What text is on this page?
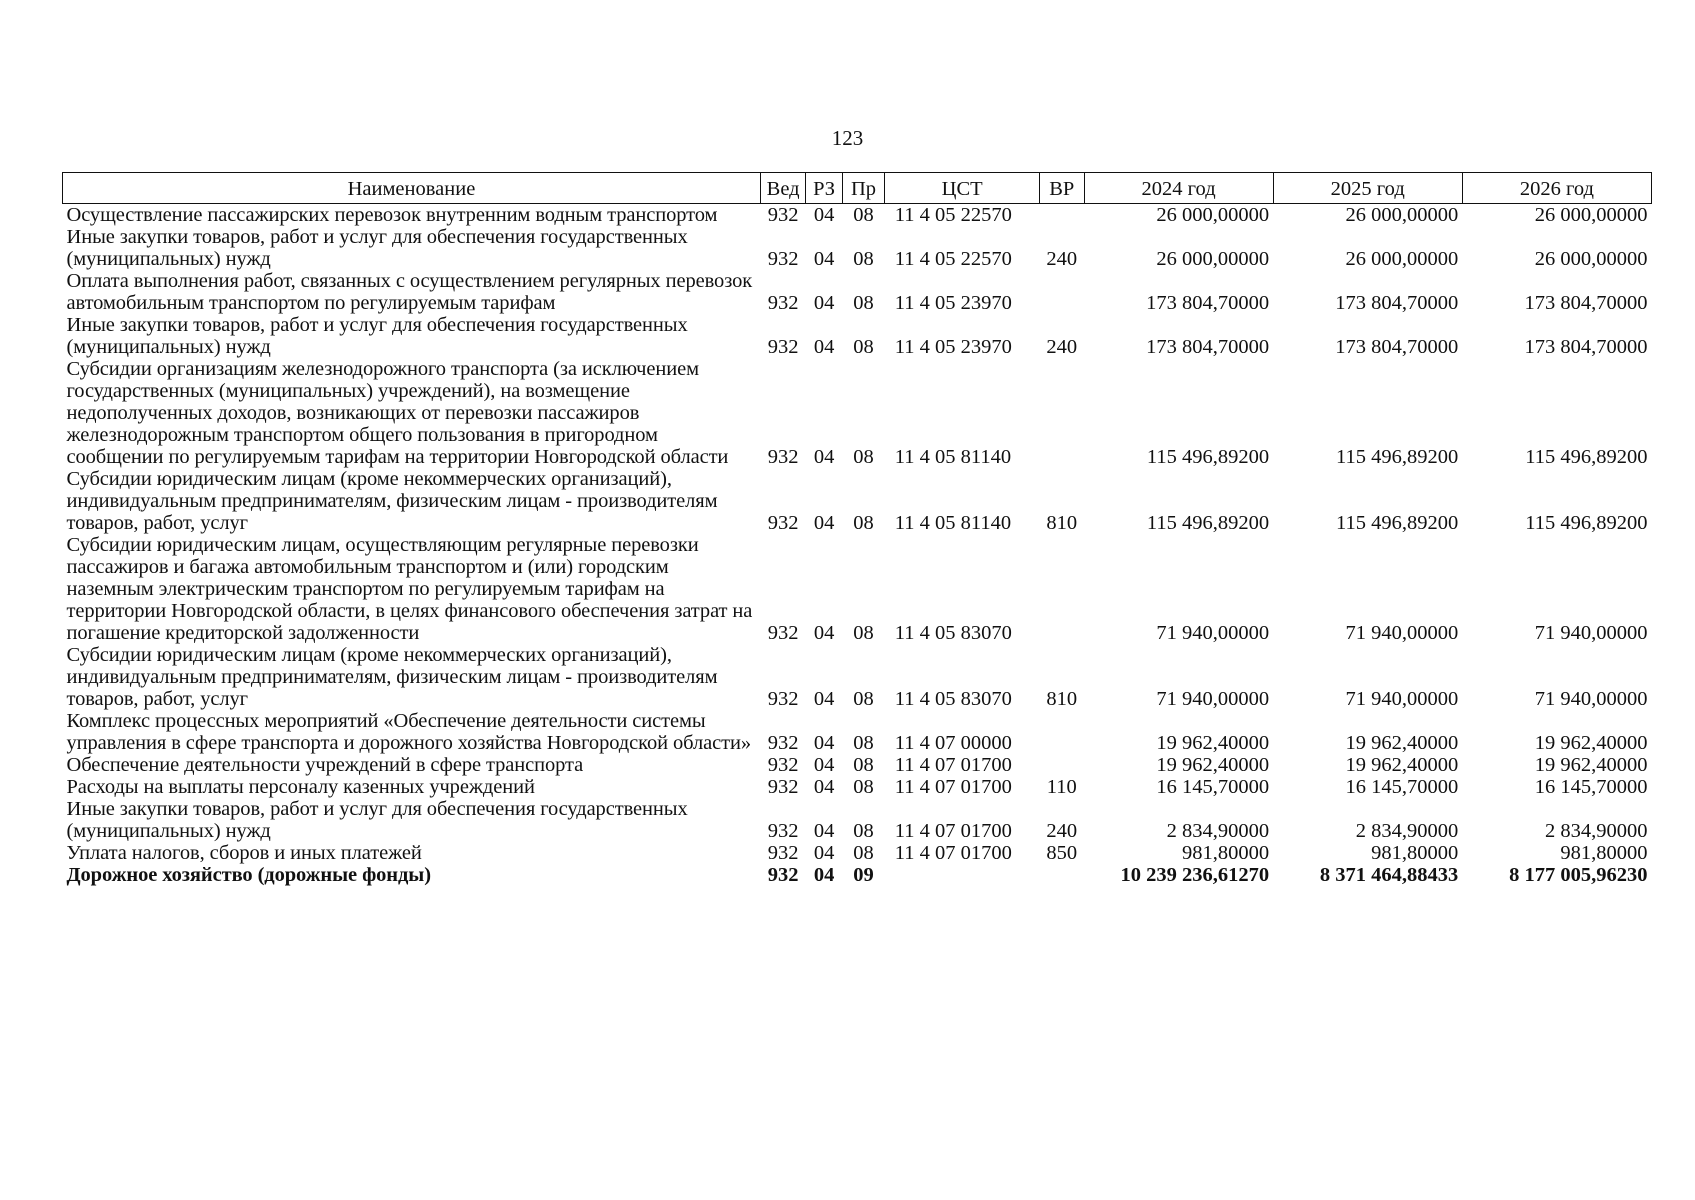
123
Наименование	Вед	РЗ	Пр	ЦСТ	ВР	2024 год	2025 год	2026 год
Осуществление пассажирских перевозок внутренним водным транспортом	932	04	08	11 4 05 22570		26 000,00000	26 000,00000	26 000,00000
Иные закупки товаров, работ и услуг для обеспечения государственных (муниципальных) нужд	932	04	08	11 4 05 22570	240	26 000,00000	26 000,00000	26 000,00000
Оплата выполнения работ, связанных с осуществлением регулярных перевозок автомобильным транспортом по регулируемым тарифам	932	04	08	11 4 05 23970		173 804,70000	173 804,70000	173 804,70000
Иные закупки товаров, работ и услуг для обеспечения государственных (муниципальных) нужд	932	04	08	11 4 05 23970	240	173 804,70000	173 804,70000	173 804,70000
Субсидии организациям железнодорожного транспорта (за исключением государственных (муниципальных) учреждений), на возмещение недополученных доходов, возникающих от перевозки пассажиров железнодорожным транспортом общего пользования в пригородном сообщении по регулируемым тарифам на территории Новгородской области	932	04	08	11 4 05 81140		115 496,89200	115 496,89200	115 496,89200
Субсидии юридическим лицам (кроме некоммерческих организаций), индивидуальным предпринимателям, физическим лицам - производителям товаров, работ, услуг	932	04	08	11 4 05 81140	810	115 496,89200	115 496,89200	115 496,89200
Субсидии юридическим лицам, осуществляющим регулярные перевозки пассажиров и багажа автомобильным транспортом и (или) городским наземным электрическим транспортом по регулируемым тарифам на территории Новгородской области, в целях финансового обеспечения затрат на погашение кредиторской задолженности	932	04	08	11 4 05 83070		71 940,00000	71 940,00000	71 940,00000
Субсидии юридическим лицам (кроме некоммерческих организаций), индивидуальным предпринимателям, физическим лицам - производителям товаров, работ, услуг	932	04	08	11 4 05 83070	810	71 940,00000	71 940,00000	71 940,00000
Комплекс процессных мероприятий «Обеспечение деятельности системы управления в сфере транспорта и дорожного хозяйства Новгородской области»	932	04	08	11 4 07 00000		19 962,40000	19 962,40000	19 962,40000
Обеспечение деятельности учреждений в сфере транспорта	932	04	08	11 4 07 01700		19 962,40000	19 962,40000	19 962,40000
Расходы на выплаты персоналу казенных учреждений	932	04	08	11 4 07 01700	110	16 145,70000	16 145,70000	16 145,70000
Иные закупки товаров, работ и услуг для обеспечения государственных (муниципальных) нужд	932	04	08	11 4 07 01700	240	2 834,90000	2 834,90000	2 834,90000
Уплата налогов, сборов и иных платежей	932	04	08	11 4 07 01700	850	981,80000	981,80000	981,80000
Дорожное хозяйство (дорожные фонды)	932	04	09			10 239 236,61270	8 371 464,88433	8 177 005,96230
